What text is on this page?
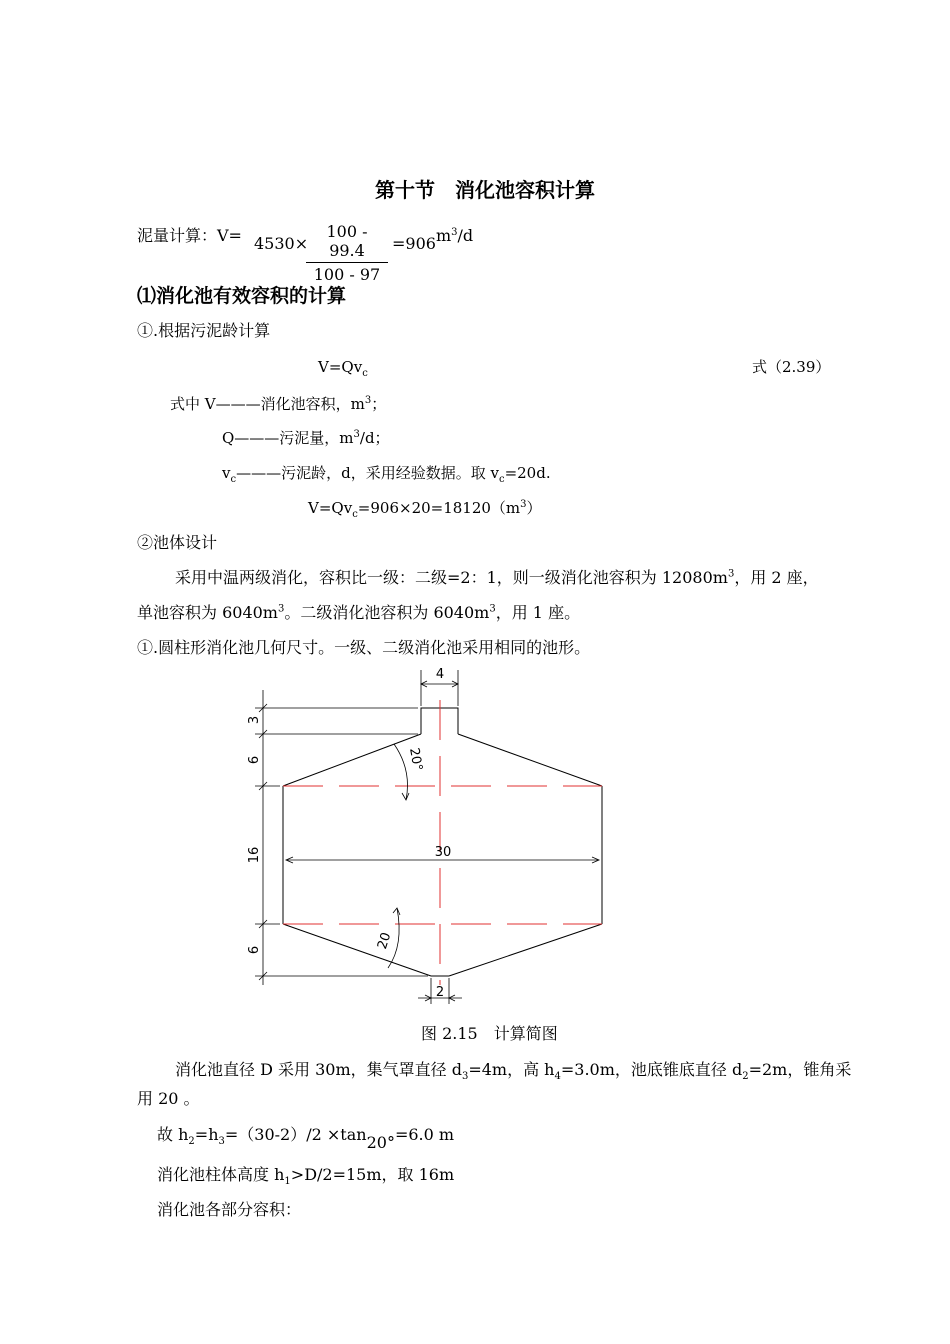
第十节　消化池容积计算
泥量计算：V= 4530×
100 - 99.4
100 - 97
$=906m^3/d$
⑴消化池有效容积的计算
①.根据污泥龄计算
$V=Qv_c$	式（2.39）
式中 V———消化池容积，$m^3$；
Q———污泥量，$m^3/d$；
$v_c———$污泥龄，d，采用经验数据。取 $v_c=20d$.
$V=Qv_c=906\times 20=18120(m^3)$
②池体设计
采用中温两级消化，容积比一级：二级=2：1，则一级消化池容积为 $12080m^3$，用 2 座，
单池容积为 $6040m^3$。二级消化池容积为 $6040m^3$，用 1 座。
①.圆柱形消化池几何尺寸。一级、二级消化池采用相同的池形。
3
6
16
6
4
30
2
20°
20
图 2.15　计算简图
消化池直径 D 采用 30m，集气罩直径 $d_3=4m$，高 $h_4=3.0m$，池底锥底直径 $d_2=2m$，锥角采
用 20 。
故 $h_2=h_3=(30-2)/2 \times\tan 20^\circ=6.0$ m
消化池柱体高度 $h_1>D/2=15m$，取 16m
消化池各部分容积：
